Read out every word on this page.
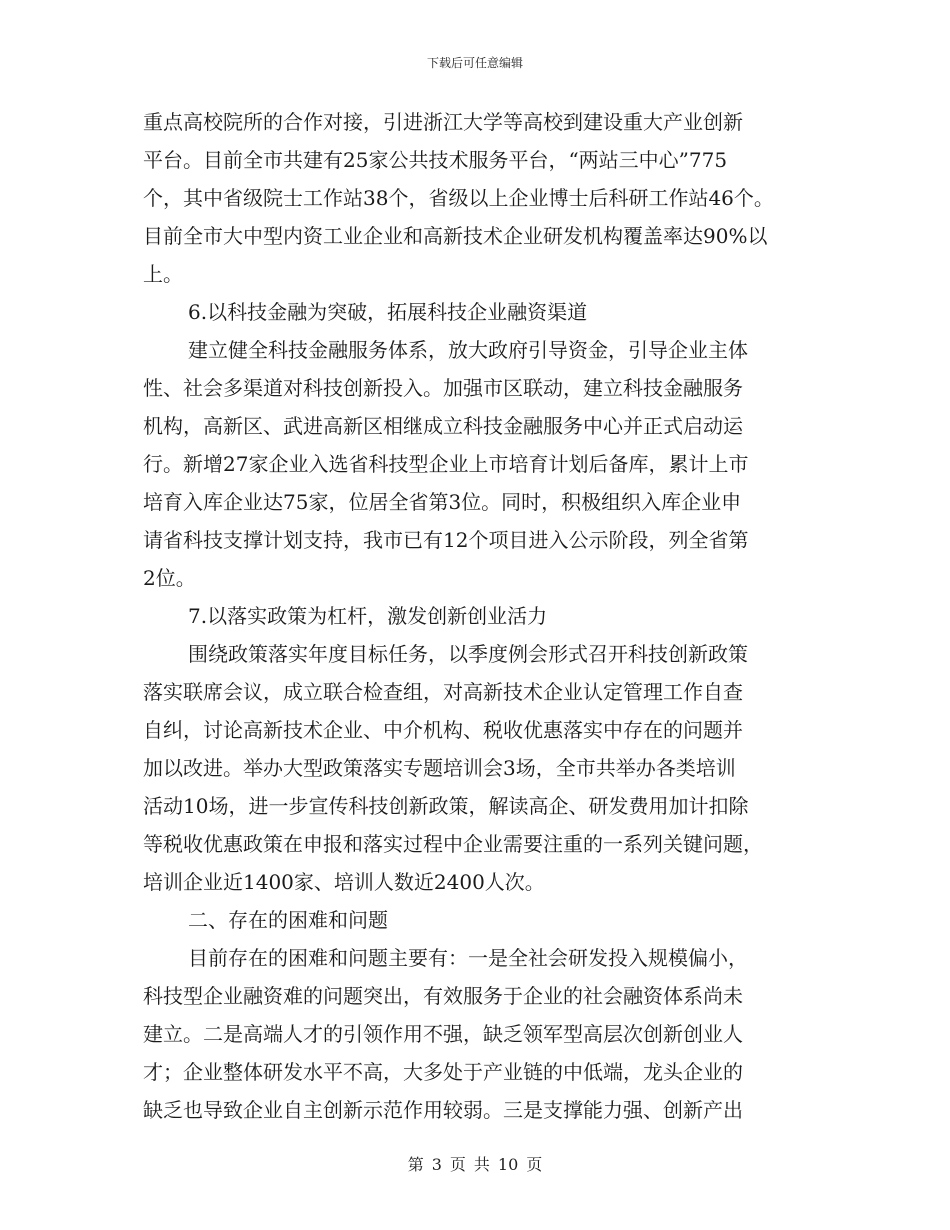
下载后可任意编辑
重点高校院所的合作对接，引进浙江大学等高校到建设重大产业创新
平台。目前全市共建有25家公共技术服务平台，“两站三中心”775
个，其中省级院士工作站38个，省级以上企业博士后科研工作站46个。
目前全市大中型内资工业企业和高新技术企业研发机构覆盖率达90%以
上。
6.以科技金融为突破，拓展科技企业融资渠道
建立健全科技金融服务体系，放大政府引导资金，引导企业主体
性、社会多渠道对科技创新投入。加强市区联动，建立科技金融服务
机构，高新区、武进高新区相继成立科技金融服务中心并正式启动运
行。新增27家企业入选省科技型企业上市培育计划后备库，累计上市
培育入库企业达75家，位居全省第3位。同时，积极组织入库企业申
请省科技支撑计划支持，我市已有12个项目进入公示阶段，列全省第
2位。
7.以落实政策为杠杆，激发创新创业活力
围绕政策落实年度目标任务，以季度例会形式召开科技创新政策
落实联席会议，成立联合检查组，对高新技术企业认定管理工作自查
自纠，讨论高新技术企业、中介机构、税收优惠落实中存在的问题并
加以改进。举办大型政策落实专题培训会3场，全市共举办各类培训
活动10场，进一步宣传科技创新政策，解读高企、研发费用加计扣除
等税收优惠政策在申报和落实过程中企业需要注重的一系列关键问题，
培训企业近1400家、培训人数近2400人次。
二、存在的困难和问题
目前存在的困难和问题主要有：一是全社会研发投入规模偏小，
科技型企业融资难的问题突出，有效服务于企业的社会融资体系尚未
建立。二是高端人才的引领作用不强，缺乏领军型高层次创新创业人
才；企业整体研发水平不高，大多处于产业链的中低端，龙头企业的
缺乏也导致企业自主创新示范作用较弱。三是支撑能力强、创新产出
第 3 页 共 10 页
